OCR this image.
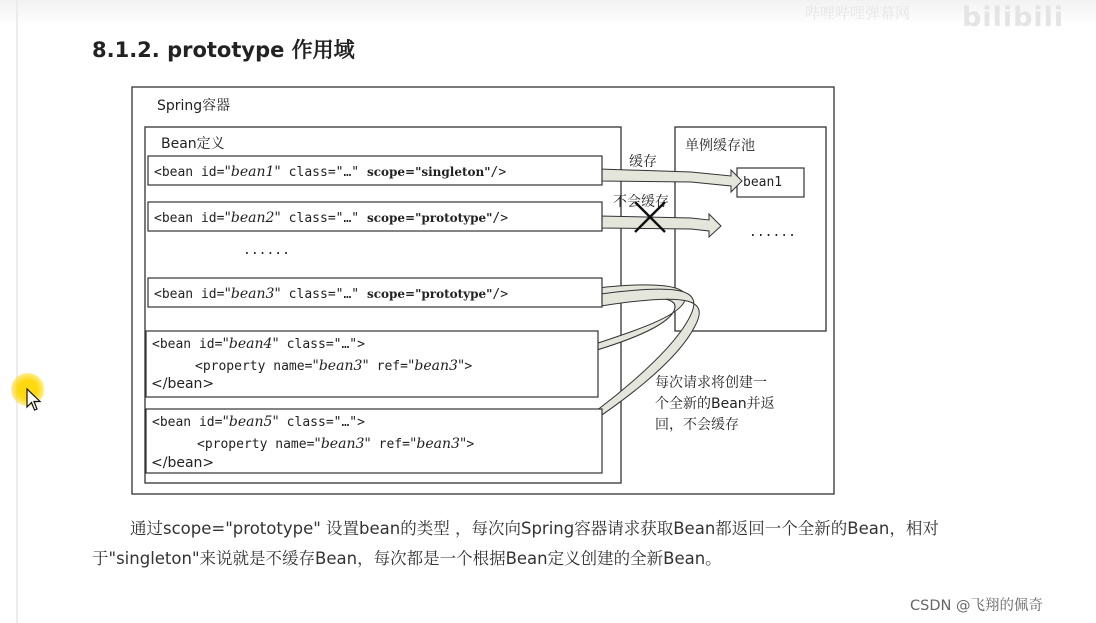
哔哩哔哩弹幕网 bilibili
8.1.2. prototype 作用域
Spring容器
Bean定义	单例缓存池
bean1
......
缓存
不会缓存
<bean id="bean1" class="…" scope="singleton"/>
<bean id="bean2" class="…" scope="prototype"/>
......
<bean id="bean3" class="…" scope="prototype"/>
<bean id="bean4" class="…">
<property name="bean3" ref="bean3">
</bean>
<bean id="bean5" class="…">
<property name="bean3" ref="bean3">
</bean>
每次请求将创建一
个全新的Bean并返
回，不会缓存
通过scope="prototype" 设置bean的类型 ，每次向Spring容器请求获取Bean都返回一个全新的Bean，相对
于"singleton"来说就是不缓存Bean，每次都是一个根据Bean定义创建的全新Bean。
CSDN @飞翔的佩奇
